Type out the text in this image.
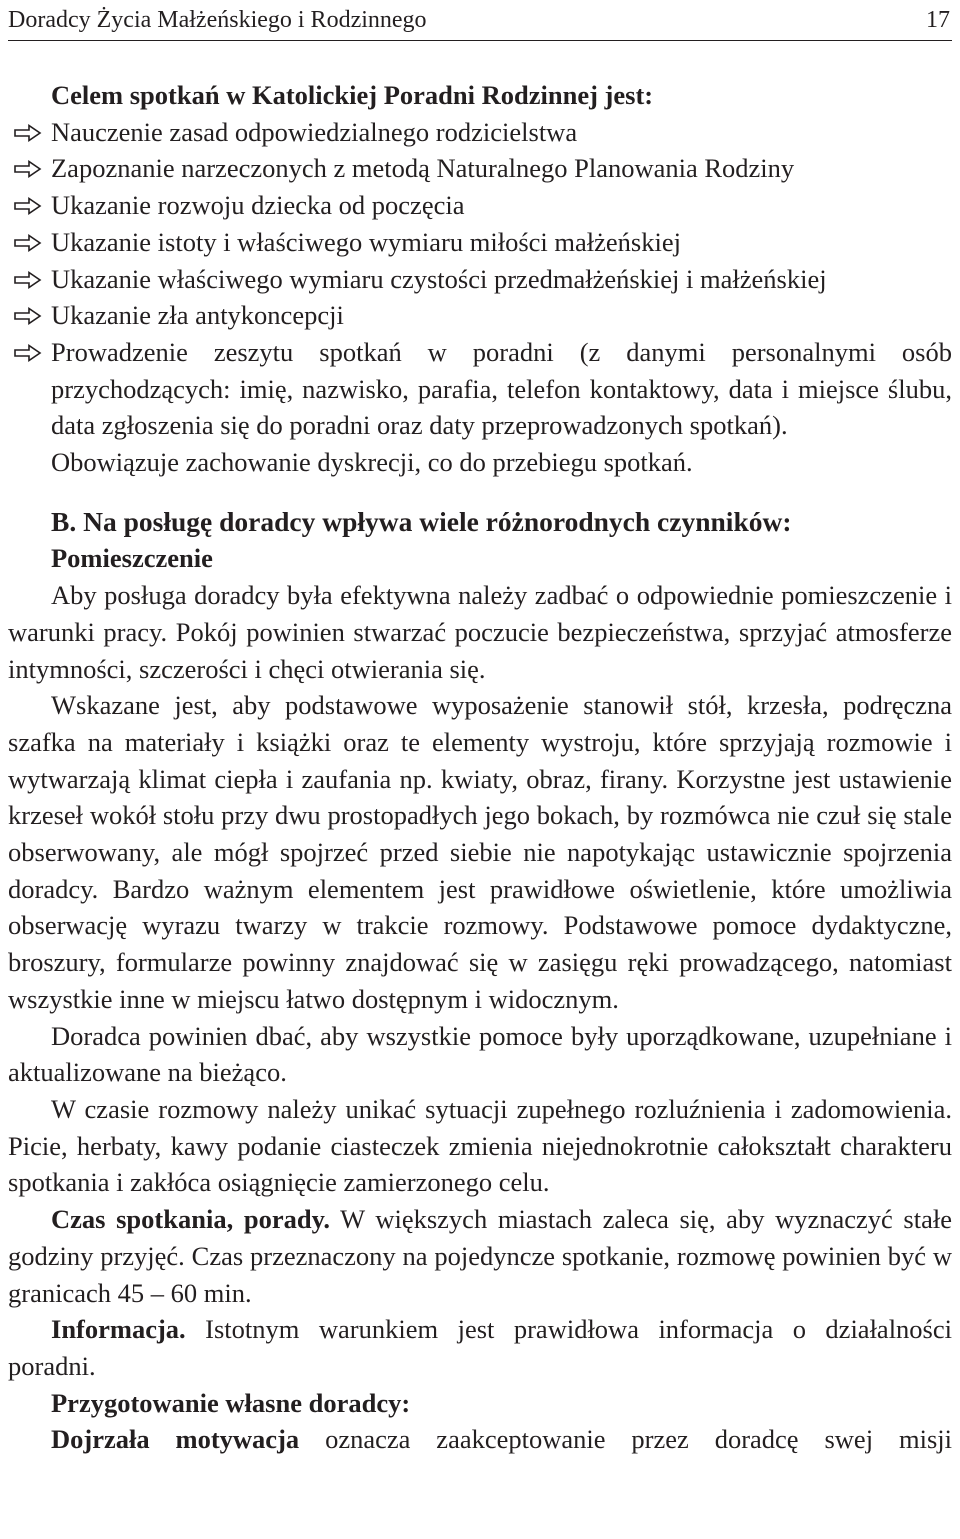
Doradcy Życia Małżeńskiego i Rodzinnego	17
Celem spotkań w Katolickiej Poradni Rodzinnej jest:
Nauczenie zasad odpowiedzialnego rodzicielstwa
Zapoznanie narzeczonych z metodą Naturalnego Planowania Rodziny
Ukazanie rozwoju dziecka od poczęcia
Ukazanie istoty i właściwego wymiaru miłości małżeńskiej
Ukazanie właściwego wymiaru czystości przedmałżeńskiej i małżeńskiej
Ukazanie zła antykoncepcji
Prowadzenie zeszytu spotkań w poradni (z danymi personalnymi osób przychodzących: imię, nazwisko, parafia, telefon kontaktowy, data i miejsce ślubu, data zgłoszenia się do poradni oraz daty przeprowadzonych spotkań).
Obowiązuje zachowanie dyskrecji, co do przebiegu spotkań.
B. Na posługę doradcy wpływa wiele różnorodnych czynników:
Pomieszczenie

Aby posługa doradcy była efektywna należy zadbać o odpowiednie pomieszczenie i warunki pracy. Pokój powinien stwarzać poczucie bezpieczeństwa, sprzyjać atmosferze intymności, szczerości i chęci otwierania się.

Wskazane jest, aby podstawowe wyposażenie stanowił stół, krzesła, podręczna szafka na materiały i książki oraz te elementy wystroju, które sprzyjają rozmowie i wytwarzają klimat ciepła i zaufania np. kwiaty, obraz, firany. Korzystne jest ustawienie krzeseł wokół stołu przy dwu prostopadłych jego bokach, by rozmówca nie czuł się stale obserwowany, ale mógł spojrzeć przed siebie nie napotykając ustawicznie spojrzenia doradcy. Bardzo ważnym elementem jest prawidłowe oświetlenie, które umożliwia obserwację wyrazu twarzy w trakcie rozmowy. Podstawowe pomoce dydaktyczne, broszury, formularze powinny znajdować się w zasięgu ręki prowadzącego, natomiast wszystkie inne w miejscu łatwo dostępnym i widocznym.

Doradca powinien dbać, aby wszystkie pomoce były uporządkowane, uzupełniane i aktualizowane na bieżąco.

W czasie rozmowy należy unikać sytuacji zupełnego rozluźnienia i zadomowienia. Picie, herbaty, kawy podanie ciasteczek zmienia niejednokrotnie całokształt charakteru spotkania i zakłóca osiągnięcie zamierzonego celu.

Czas spotkania, porady. W większych miastach zaleca się, aby wyznaczyć stałe godziny przyjęć. Czas przeznaczony na pojedyncze spotkanie, rozmowę powinien być w granicach 45 – 60 min.

Informacja. Istotnym warunkiem jest prawidłowa informacja o działalności poradni.

Przygotowanie własne doradcy:

Dojrzała motywacja oznacza zaakceptowanie przez doradcę swej misji
